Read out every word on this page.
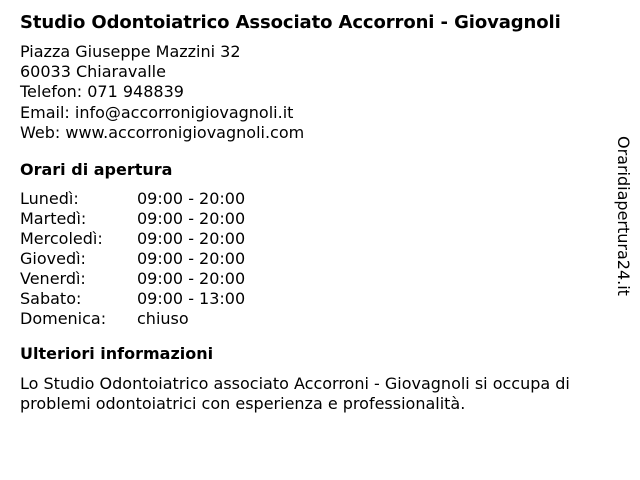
Studio Odontoiatrico Associato Accorroni - Giovagnoli
Piazza Giuseppe Mazzini 32
60033 Chiaravalle
Telefon: 071 948839
Email: info@accorronigiovagnoli.it
Web: www.accorronigiovagnoli.com
Orari di apertura
Lunedì:	09:00 - 20:00
Martedì:	09:00 - 20:00
Mercoledì:	09:00 - 20:00
Giovedì:	09:00 - 20:00
Venerdì:	09:00 - 20:00
Sabato:	09:00 - 13:00
Domenica:	chiuso
Ulteriori informazioni

Lo Studio Odontoiatrico associato Accorroni - Giovagnoli si occupa di problemi odontoiatrici con esperienza e professionalità.

Oraridiapertura24.it
